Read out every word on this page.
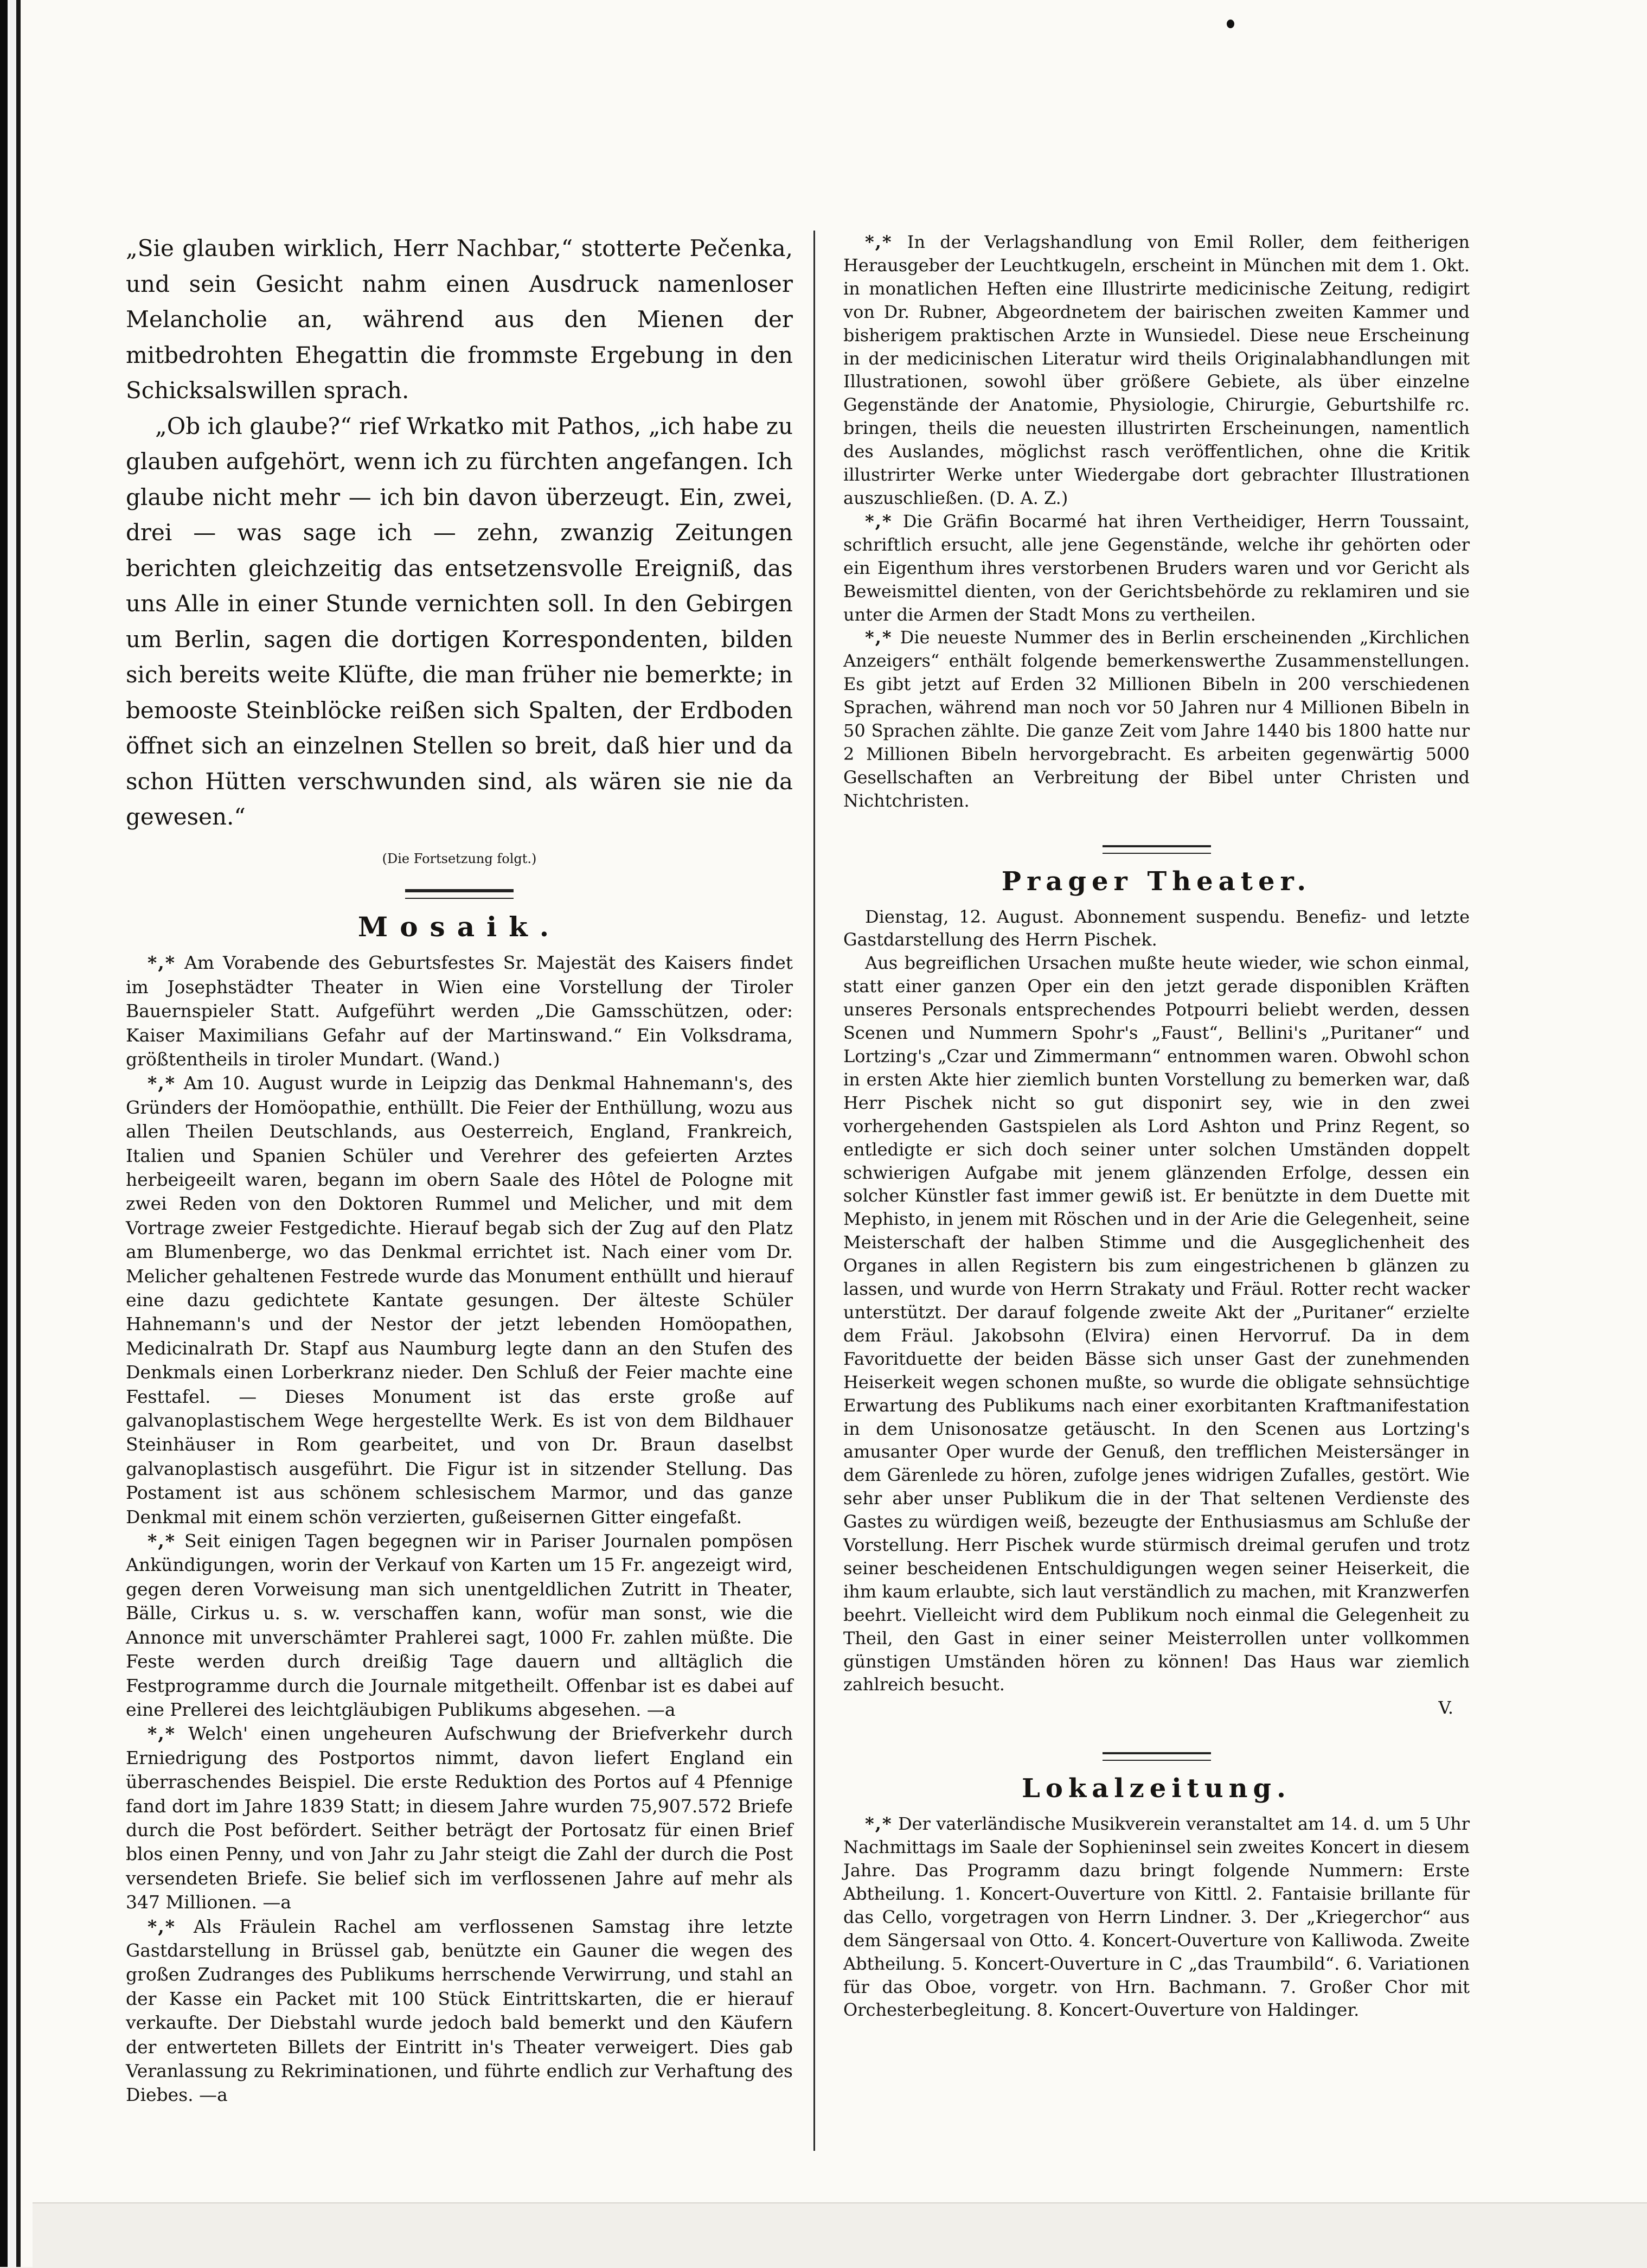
„Sie glauben wirklich, Herr Nachbar,“ stotterte Pečenka, und sein Gesicht nahm einen Ausdruck namenloser Melancholie an, während aus den Mienen der mitbedrohten Ehegattin die frommste Ergebung in den Schicksalswillen sprach.

„Ob ich glaube?“ rief Wrkatko mit Pathos, „ich habe zu glauben aufgehört, wenn ich zu fürchten angefangen. Ich glaube nicht mehr — ich bin davon überzeugt. Ein, zwei, drei — was sage ich — zehn, zwanzig Zeitungen berichten gleichzeitig das entsetzensvolle Ereigniß, das uns Alle in einer Stunde vernichten soll. In den Gebirgen um Berlin, sagen die dortigen Korrespondenten, bilden sich bereits weite Klüfte, die man früher nie bemerkte; in bemooste Steinblöcke reißen sich Spalten, der Erdboden öffnet sich an einzelnen Stellen so breit, daß hier und da schon Hütten verschwunden sind, als wären sie nie da gewesen.“

(Die Fortsetzung folgt.)
Mosaik.

*,* Am Vorabende des Geburtsfestes Sr. Majestät des Kaisers findet im Josephstädter Theater in Wien eine Vorstellung der Tiroler Bauernspieler Statt. Aufgeführt werden „Die Gamsschützen, oder: Kaiser Maximilians Gefahr auf der Martinswand.“ Ein Volksdrama, größtentheils in tiroler Mundart. (Wand.)

*,* Am 10. August wurde in Leipzig das Denkmal Hahnemann's, des Gründers der Homöopathie, enthüllt. Die Feier der Enthüllung, wozu aus allen Theilen Deutschlands, aus Oesterreich, England, Frankreich, Italien und Spanien Schüler und Verehrer des gefeierten Arztes herbeigeeilt waren, begann im obern Saale des Hôtel de Pologne mit zwei Reden von den Doktoren Rummel und Melicher, und mit dem Vortrage zweier Festgedichte. Hierauf begab sich der Zug auf den Platz am Blumenberge, wo das Denkmal errichtet ist. Nach einer vom Dr. Melicher gehaltenen Festrede wurde das Monument enthüllt und hierauf eine dazu gedichtete Kantate gesungen. Der älteste Schüler Hahnemann's und der Nestor der jetzt lebenden Homöopathen, Medicinalrath Dr. Stapf aus Naumburg legte dann an den Stufen des Denkmals einen Lorberkranz nieder. Den Schluß der Feier machte eine Festtafel. — Dieses Monument ist das erste große auf galvanoplastischem Wege hergestellte Werk. Es ist von dem Bildhauer Steinhäuser in Rom gearbeitet, und von Dr. Braun daselbst galvanoplastisch ausgeführt. Die Figur ist in sitzender Stellung. Das Postament ist aus schönem schlesischem Marmor, und das ganze Denkmal mit einem schön verzierten, gußeisernen Gitter eingefaßt.

*,* Seit einigen Tagen begegnen wir in Pariser Journalen pompösen Ankündigungen, worin der Verkauf von Karten um 15 Fr. angezeigt wird, gegen deren Vorweisung man sich unentgeldlichen Zutritt in Theater, Bälle, Cirkus u. s. w. verschaffen kann, wofür man sonst, wie die Annonce mit unverschämter Prahlerei sagt, 1000 Fr. zahlen müßte. Die Feste werden durch dreißig Tage dauern und alltäglich die Festprogramme durch die Journale mitgetheilt. Offenbar ist es dabei auf eine Prellerei des leichtgläubigen Publikums abgesehen. —a

*,* Welch' einen ungeheuren Aufschwung der Briefverkehr durch Erniedrigung des Postportos nimmt, davon liefert England ein überraschendes Beispiel. Die erste Reduktion des Portos auf 4 Pfennige fand dort im Jahre 1839 Statt; in diesem Jahre wurden 75,907.572 Briefe durch die Post befördert. Seither beträgt der Portosatz für einen Brief blos einen Penny, und von Jahr zu Jahr steigt die Zahl der durch die Post versendeten Briefe. Sie belief sich im verflossenen Jahre auf mehr als 347 Millionen. —a

*,* Als Fräulein Rachel am verflossenen Samstag ihre letzte Gastdarstellung in Brüssel gab, benützte ein Gauner die wegen des großen Zudranges des Publikums herrschende Verwirrung, und stahl an der Kasse ein Packet mit 100 Stück Eintrittskarten, die er hierauf verkaufte. Der Diebstahl wurde jedoch bald bemerkt und den Käufern der entwerteten Billets der Eintritt in's Theater verweigert. Dies gab Veranlassung zu Rekriminationen, und führte endlich zur Verhaftung des Diebes. —a

*,* In der Verlagshandlung von Emil Roller, dem feitherigen Herausgeber der Leuchtkugeln, erscheint in München mit dem 1. Okt. in monatlichen Heften eine Illustrirte medicinische Zeitung, redigirt von Dr. Rubner, Abgeordnetem der bairischen zweiten Kammer und bisherigem praktischen Arzte in Wunsiedel. Diese neue Erscheinung in der medicinischen Literatur wird theils Originalabhandlungen mit Illustrationen, sowohl über größere Gebiete, als über einzelne Gegenstände der Anatomie, Physiologie, Chirurgie, Geburtshilfe rc. bringen, theils die neuesten illustrirten Erscheinungen, namentlich des Auslandes, möglichst rasch veröffentlichen, ohne die Kritik illustrirter Werke unter Wiedergabe dort gebrachter Illustrationen auszuschließen. (D. A. Z.)

*,* Die Gräfin Bocarmé hat ihren Vertheidiger, Herrn Toussaint, schriftlich ersucht, alle jene Gegenstände, welche ihr gehörten oder ein Eigenthum ihres verstorbenen Bruders waren und vor Gericht als Beweismittel dienten, von der Gerichtsbehörde zu reklamiren und sie unter die Armen der Stadt Mons zu vertheilen.

*,* Die neueste Nummer des in Berlin erscheinenden „Kirchlichen Anzeigers“ enthält folgende bemerkenswerthe Zusammenstellungen. Es gibt jetzt auf Erden 32 Millionen Bibeln in 200 verschiedenen Sprachen, während man noch vor 50 Jahren nur 4 Millionen Bibeln in 50 Sprachen zählte. Die ganze Zeit vom Jahre 1440 bis 1800 hatte nur 2 Millionen Bibeln hervorgebracht. Es arbeiten gegenwärtig 5000 Gesellschaften an Verbreitung der Bibel unter Christen und Nichtchristen.

Prager Theater.

Dienstag, 12. August. Abonnement suspendu. Benefiz- und letzte Gastdarstellung des Herrn Pischek.

Aus begreiflichen Ursachen mußte heute wieder, wie schon einmal, statt einer ganzen Oper ein den jetzt gerade disponiblen Kräften unseres Personals entsprechendes Potpourri beliebt werden, dessen Scenen und Nummern Spohr's „Faust“, Bellini's „Puritaner“ und Lortzing's „Czar und Zimmermann“ entnommen waren. Obwohl schon in ersten Akte hier ziemlich bunten Vorstellung zu bemerken war, daß Herr Pischek nicht so gut disponirt sey, wie in den zwei vorhergehenden Gastspielen als Lord Ashton und Prinz Regent, so entledigte er sich doch seiner unter solchen Umständen doppelt schwierigen Aufgabe mit jenem glänzenden Erfolge, dessen ein solcher Künstler fast immer gewiß ist. Er benützte in dem Duette mit Mephisto, in jenem mit Röschen und in der Arie die Gelegenheit, seine Meisterschaft der halben Stimme und die Ausgeglichenheit des Organes in allen Registern bis zum eingestrichenen b glänzen zu lassen, und wurde von Herrn Strakaty und Fräul. Rotter recht wacker unterstützt. Der darauf folgende zweite Akt der „Puritaner“ erzielte dem Fräul. Jakobsohn (Elvira) einen Hervorruf. Da in dem Favoritduette der beiden Bässe sich unser Gast der zunehmenden Heiserkeit wegen schonen mußte, so wurde die obligate sehnsüchtige Erwartung des Publikums nach einer exorbitanten Kraftmanifestation in dem Unisonosatze getäuscht. In den Scenen aus Lortzing's amusanter Oper wurde der Genuß, den trefflichen Meistersänger in dem Gärenlede zu hören, zufolge jenes widrigen Zufalles, gestört. Wie sehr aber unser Publikum die in der That seltenen Verdienste des Gastes zu würdigen weiß, bezeugte der Enthusiasmus am Schluße der Vorstellung. Herr Pischek wurde stürmisch dreimal gerufen und trotz seiner bescheidenen Entschuldigungen wegen seiner Heiserkeit, die ihm kaum erlaubte, sich laut verständlich zu machen, mit Kranzwerfen beehrt. Vielleicht wird dem Publikum noch einmal die Gelegenheit zu Theil, den Gast in einer seiner Meisterrollen unter vollkommen günstigen Umständen hören zu können! Das Haus war ziemlich zahlreich besucht.

V.
Lokalzeitung.

*,* Der vaterländische Musikverein veranstaltet am 14. d. um 5 Uhr Nachmittags im Saale der Sophieninsel sein zweites Koncert in diesem Jahre. Das Programm dazu bringt folgende Nummern: Erste Abtheilung. 1. Koncert-Ouverture von Kittl. 2. Fantaisie brillante für das Cello, vorgetragen von Herrn Lindner. 3. Der „Kriegerchor“ aus dem Sängersaal von Otto. 4. Koncert-Ouverture von Kalliwoda. Zweite Abtheilung. 5. Koncert-Ouverture in C „das Traumbild“. 6. Variationen für das Oboe, vorgetr. von Hrn. Bachmann. 7. Großer Chor mit Orchesterbegleitung. 8. Koncert-Ouverture von Haldinger.
